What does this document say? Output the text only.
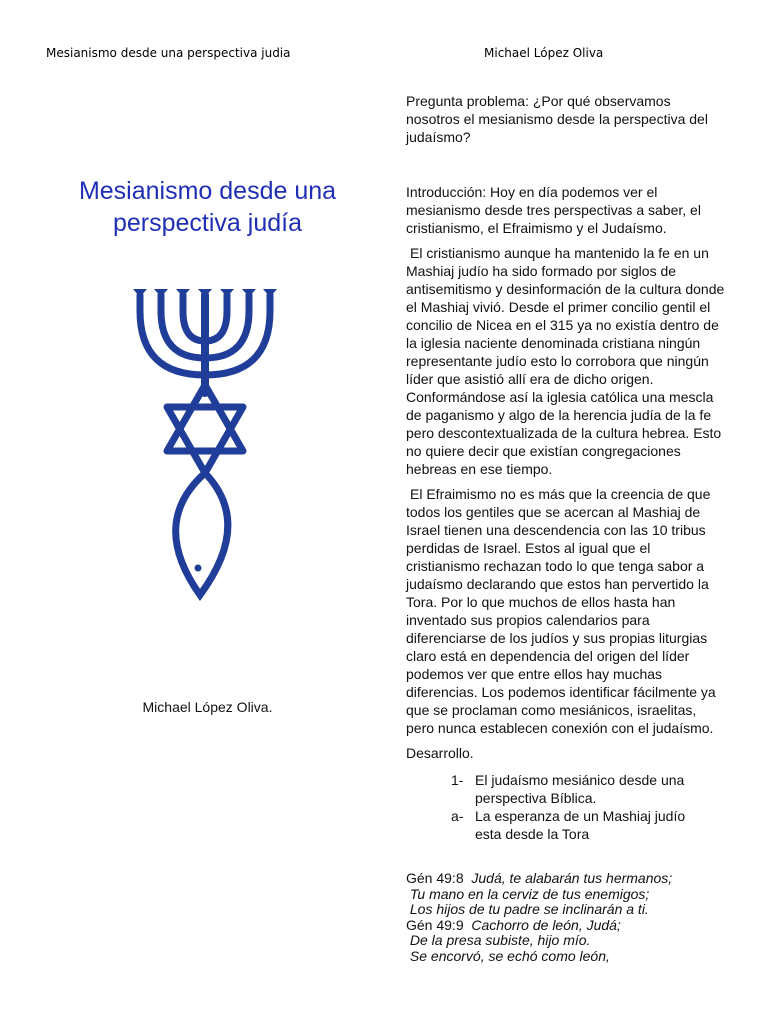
Mesianismo desde una perspectiva judia	Michael López Oliva
Mesianismo desde una
perspectiva judía
Michael López Oliva.

Pregunta problema: ¿Por qué observamos nosotros el mesianismo desde la perspectiva del judaísmo?

Introducción: Hoy en día podemos ver el mesianismo desde tres perspectivas a saber, el cristianismo, el Efraimismo y el Judaísmo.

El cristianismo aunque ha mantenido la fe en un Mashiaj judío ha sido formado por siglos de antisemitismo y desinformación de la cultura donde el Mashiaj vivió. Desde el primer concilio gentil el concilio de Nicea en el 315 ya no existía dentro de la iglesia naciente denominada cristiana ningún representante judío esto lo corrobora que ningún líder que asistió allí era de dicho origen. Conformándose así la iglesia católica una mescla de paganismo y algo de la herencia judía de la fe pero descontextualizada de la cultura hebrea. Esto no quiere decir que existían congregaciones hebreas en ese tiempo.

El Efraimismo no es más que la creencia de que todos los gentiles que se acercan al Mashiaj de Israel tienen una descendencia con las 10 tribus perdidas de Israel. Estos al igual que el cristianismo rechazan todo lo que tenga sabor a judaísmo declarando que estos han pervertido la Tora. Por lo que muchos de ellos hasta han inventado sus propios calendarios para diferenciarse de los judíos y sus propias liturgias claro está en dependencia del origen del líder podemos ver que entre ellos hay muchas diferencias. Los podemos identificar fácilmente ya que se proclaman como mesiánicos, israelitas, pero nunca establecen conexión con el judaísmo.

Desarrollo.

1- El judaísmo mesiánico desde una perspectiva Bíblica.
a- La esperanza de un Mashiaj judío esta desde la Tora
Gén 49:8 Judá, te alabarán tus hermanos;
Tu mano en la cerviz de tus enemigos;
Los hijos de tu padre se inclinarán a ti.
Gén 49:9 Cachorro de león, Judá;
De la presa subiste, hijo mío.
Se encorvó, se echó como león,
